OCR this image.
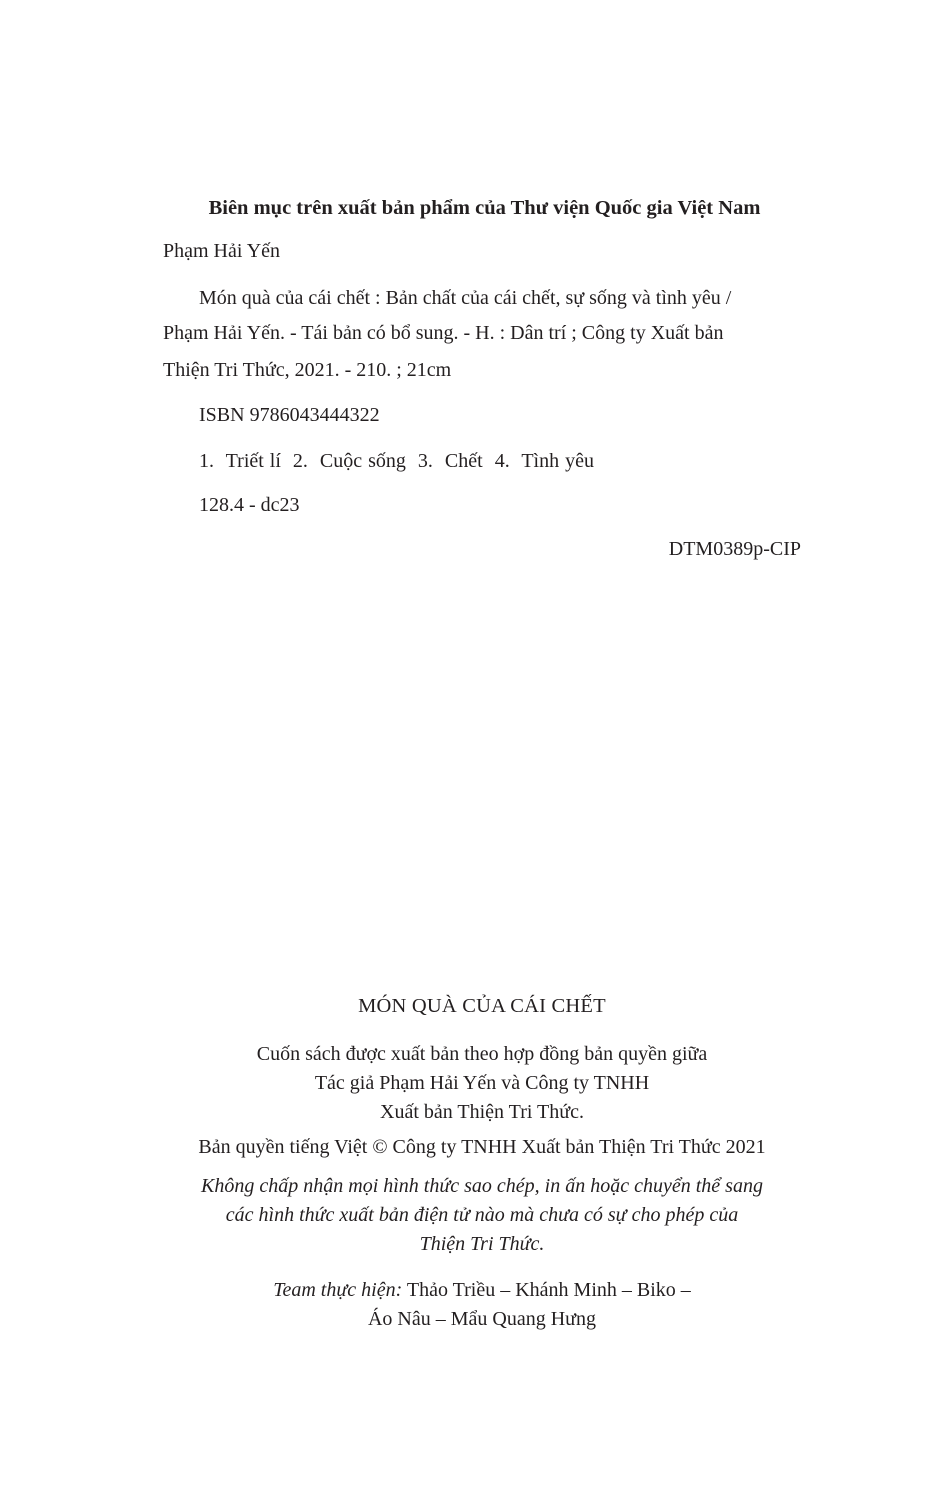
Biên mục trên xuất bản phẩm của Thư viện Quốc gia Việt Nam
Phạm Hải Yến
Món quà của cái chết : Bản chất của cái chết, sự sống và tình yêu /
Phạm Hải Yến. - Tái bản có bổ sung. - H. : Dân trí ; Công ty Xuất bản
Thiện Tri Thức, 2021. - 210. ; 21cm
ISBN 9786043444322
1.  Triết lí  2.  Cuộc sống  3.  Chết  4.  Tình yêu
128.4 - dc23
DTM0389p-CIP
MÓN QUÀ CỦA CÁI CHẾT
Cuốn sách được xuất bản theo hợp đồng bản quyền giữa
Tác giả Phạm Hải Yến và Công ty TNHH
Xuất bản Thiện Tri Thức.
Bản quyền tiếng Việt © Công ty TNHH Xuất bản Thiện Tri Thức 2021
Không chấp nhận mọi hình thức sao chép, in ấn hoặc chuyển thể sang
các hình thức xuất bản điện tử nào mà chưa có sự cho phép của
Thiện Tri Thức.
Team thực hiện: Thảo Triều – Khánh Minh – Biko –
Áo Nâu – Mẩu Quang Hưng
